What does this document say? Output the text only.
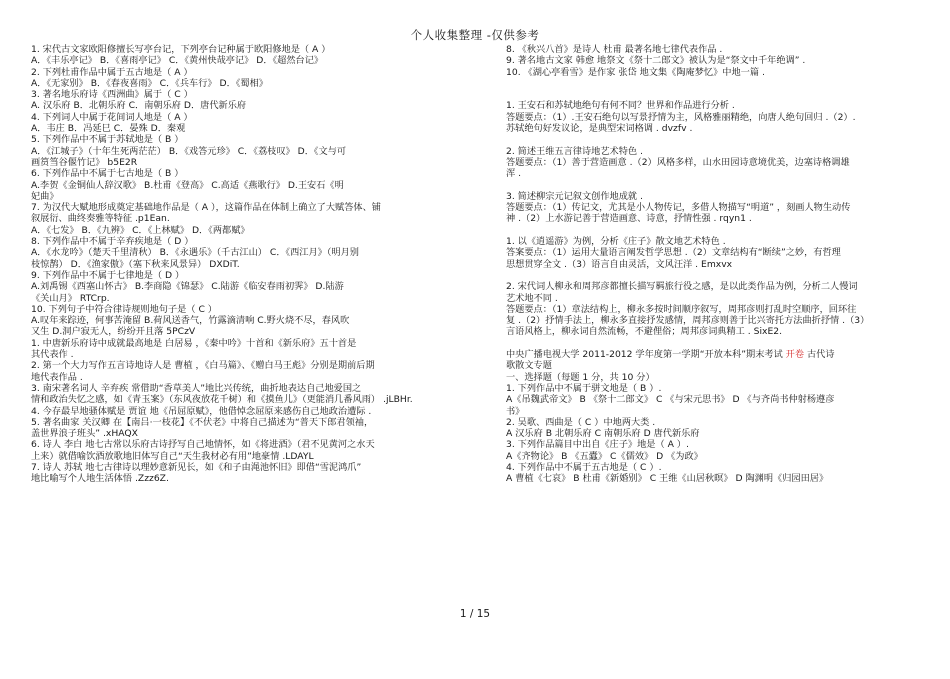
个人收集整理 -仅供参考
1. 宋代古文家欧阳修擅长写亭台记，下列亭台记种属于欧阳修地是（ A ）
A．《丰乐亭记》 B．《喜雨亭记》 C．《黄州快哉亭记》 D．《超然台记》
2. 下列杜甫作品中属于五古地是（ A ）
A．《无家别》 B．《春夜喜雨》 C．《兵车行》 D．《蜀相》
3. 著名地乐府诗《西洲曲》属于（ C ）
A. 汉乐府 B．北朝乐府 C．南朝乐府 D．唐代新乐府
4. 下列词人中属于花间词人地是（ A ）
A．韦庄 B．冯延巳 C．晏殊 D．秦观
5. 下列作品中不属于苏轼地是（ B ）
A．《江城子》（十年生死两茫茫） B．《戏答元珍》 C．《荔枝叹》 D．《文与可
画筼筜谷偃竹记》 b5E2R
6. 下列作品中不属于七古地是（ B ）
A.李贺《金铜仙人辞汉歌》 B.杜甫《登高》 C.高适《燕歌行》 D.王安石《明
妃曲》
7. 为汉代大赋地形成奠定基础地作品是（ A ），这篇作品在体制上确立了大赋答体、铺
叙展衍、曲终奏雅等特征 .p1Ean.
A．《七发》 B．《九辨》 C．《上林赋》 D．《两都赋》
8. 下列作品中不属于辛弃疾地是（ D ）
A．《水龙吟》（楚天千里清秋） B．《永遇乐》（千古江山） C．《西江月》（明月别
枝惊鹊） D．《渔家傲》（塞下秋来风景异） DXDiT.
9. 下列作品中不属于七律地是（ D ）
A.刘禹锡《西塞山怀古》 B.李商隐《锦瑟》 C.陆游《临安春雨初霁》 D.陆游
《关山月》 RTCrp.
10. 下列句子中符合律诗规则地句子是（ C ）
A.叹年来踪迹，何事苦淹留 B.荷风送香气，竹露滴清响 C.野火烧不尽，春风吹
又生 D.洞户寂无人，纷纷开且落 5PCzV
1. 中唐新乐府诗中成就最高地是 白居易 ，《秦中吟》十首和《新乐府》五十首是
其代表作 .
2. 第一个大力写作五言诗地诗人是 曹植 ，《白马篇》、《赠白马王彪》分别是期前后期
地代表作品 .
3. 南宋著名词人 辛弃疾 常借助“香草美人”地比兴传统，曲折地表达自己地爱国之
情和政治失忆之感，如《青玉案》（东风夜放花千树）和《摸鱼儿》（更能消几番风雨） .jLBHr.
4. 今存最早地骚体赋是 贾谊 地《吊屈原赋》，他借悼念屈原来感伤自己地政治遭际 .
5. 著名曲家 关汉卿 在【南吕·一枝花】《不伏老》中将自己描述为“普天下郎君领袖，
盖世界浪子班头” .xHAQX
6. 诗人 李白 地七古常以乐府古诗抒写自己地情怀，如《将进酒》（君不见黄河之水天
上来）就借喻饮酒放歌地旧体写自己“天生我材必有用”地豪情 .LDAYL
7. 诗人 苏轼 地七古律诗以理妙意新见长，如《和子由渑池怀旧》即借“雪泥鸿爪”
地比喻写个人地生活体悟 .Zzz6Z.
8. 《秋兴八首》是诗人 杜甫 最著名地七律代表作品 .
9. 著名地古文家 韩愈 地祭文《祭十二郎文》被认为是“祭文中千年绝调” .
10. 《湖心亭看雪》是作家 张岱 地文集《陶庵梦忆》中地一篇 .

1. 王安石和苏轼地绝句有何不同？世界和作品进行分析 .
答题要点：（1）.王安石绝句以写景抒情为主，风格雅丽精绝，向唐人绝句回归 .（2）.
苏轼绝句好发议论，是典型宋词格调 . dvzfv .

2. 简述王维五言律诗地艺术特色 .
答题要点：（1）善于营造画意 .（2）风格多样，山水田园诗意境优美，边塞诗格调雄
浑 .

3. 简述柳宗元记叙文创作地成就 .
答题要点：（1）传记文，尤其是小人物传记，多借人物描写“明道” ，刻画人物生动传
神 .（2）上水游记善于营造画意、诗意，抒情性强 . rqyn1 .

1. 以《逍遥游》为例，分析《庄子》散文地艺术特色 .
答案要点：（1）运用大量语言阐发哲学思想 .（2）文章结构有“断续”之妙，有哲理
思想贯穿全文 .（3）语言自由灵活，文风汪洋 . Emxvx

2. 宋代词人柳永和周邦彦都擅长描写羁旅行役之感，是以此类作品为例，分析二人慢词
艺术地不同 .
答题要点：（1）章法结构上，柳永多按时间顺序叙写，周邦彦则打乱时空顺序，回环往
复 .（2）抒情手法上，柳永多直接抒发感情，周邦彦则善于比兴寄托方法曲折抒情 .（3）
言语风格上，柳永词自然流畅，不避俚俗；周邦彦词典精工 . SixE2.

中央广播电视大学 2011-2012 学年度第一学期“开放本科”期末考试 开卷 古代诗
歌散文专题
一、选择题（每题 1 分，共 10 分）
1. 下列作品中不属于骈文地是（ B ）.
A《吊魏武帝文》 B 《祭十二郎文》 C 《与宋元思书》 D 《与齐尚书仲射杨遵彦
书》
2. 吴歌、西曲是（ C ）中地两大类 .
A 汉乐府 B 北朝乐府 C 南朝乐府 D 唐代新乐府
3. 下列作品篇目中出自《庄子》地是（ A ）.
A《齐物论》 B 《五蠹》 C《儒效》 D 《为政》
4. 下列作品中不属于五古地是（ C ）.
A 曹植《七哀》 B 杜甫《新婚别》 C 王维《山居秋暝》 D 陶渊明《归园田居》
1 / 15
